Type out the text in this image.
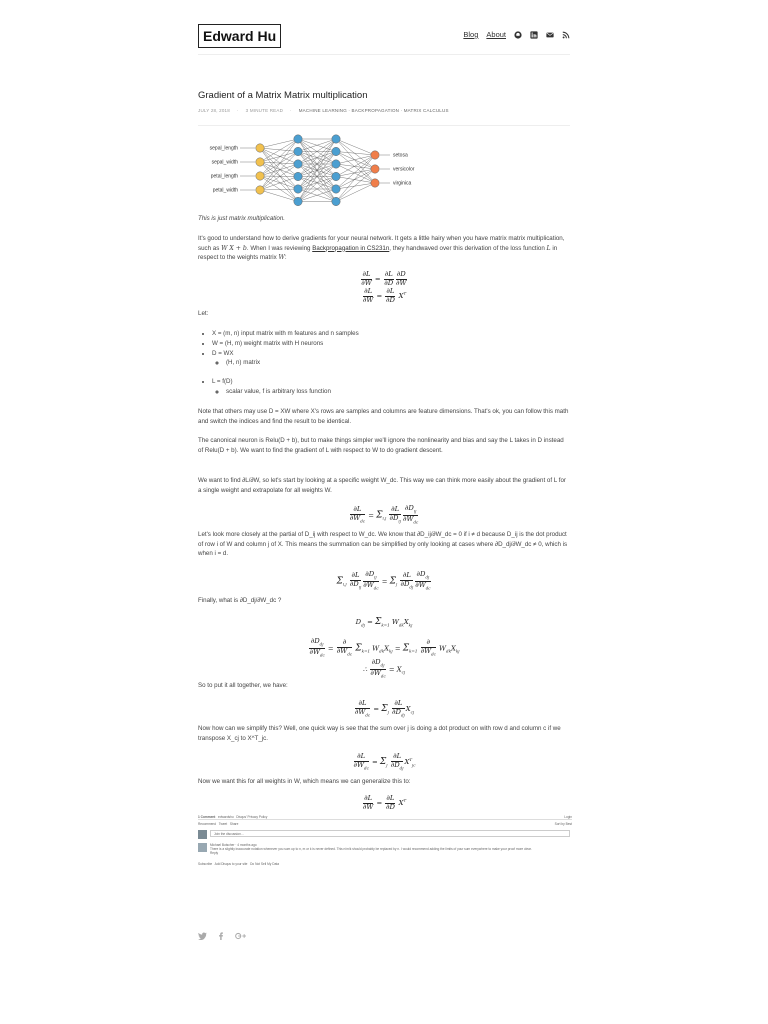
Edward Hu	Blog About
Gradient of a Matrix Matrix multiplication
JULY 28, 2018 · 3 MINUTE READ · MACHINE LEARNING · BACKPROPAGATION · MATRIX CALCULUS
sepal_length
sepal_width
petal_length
petal_width
setosa
versicolor
virginica
This is just matrix multiplication.
It's good to understand how to derive gradients for your neural network. It gets a little hairy when you have matrix matrix multiplication, such as W X + b. When I was reviewing Backpropagation in CS231n, they handwaved over this derivation of the loss function L in respect to the weights matrix W:
$\frac{\partial L}{\partial W} = \frac{\partial L}{\partial D} \frac{\partial D}{\partial W}$
$\frac{\partial L}{\partial W} = \frac{\partial L}{\partial D} X^T$
Let:
• X = (m, n) input matrix with m features and n samples
• W = (H, m) weight matrix with H neurons
• D = WX
◦ (H, n) matrix
• L = f(D)
◦ scalar value, f is arbitrary loss function
Note that others may use D = XW where X's rows are samples and columns are feature dimensions. That's ok, you can follow this math and switch the indices and find the result to be identical.
The canonical neuron is Relu(D + b), but to make things simpler we'll ignore the nonlinearity and bias and say the L takes in D instead of Relu(D + b). We want to find the gradient of L with respect to W to do gradient descent.
We want to find ∂L/∂W, so let's start by looking at a specific weight W_dc. This way we can think more easily about the gradient of L for a single weight and extrapolate for all weights W.
$\frac{\partial L}{\partial W_{dc}} = \Sigma_{i,j} \frac{\partial L}{\partial D_{ij}} \frac{\partial D_{ij}}{\partial W_{dc}}$
Let's look more closely at the partial of D_ij with respect to W_dc. We know that ∂D_ij/∂W_dc = 0 if i ≠ d because D_ij is the dot product of row i of W and column j of X. This means the summation can be simplified by only looking at cases where ∂D_dj/∂W_dc ≠ 0, which is when i = d.
$\Sigma_{i,j} \frac{\partial L}{\partial D_{ij}} \frac{\partial D_{ij}}{\partial W_{dc}} = \Sigma_j \frac{\partial L}{\partial D_{dj}} \frac{\partial D_{dj}}{\partial W_{dc}}$
Finally, what is ∂D_dj/∂W_dc ?
$D_{dj} = \Sigma_{k=1}$ $W_{dk}X_{kj}$
$\frac{\partial D_{dj}}{\partial W_{dc}} = \frac{\partial}{\partial W_{dc}} \Sigma_{k=1}$ $W_{dk}X_{kj} = \Sigma_{k=1} \frac{\partial}{\partial W_{dc}} W_{dk}X_{kj}$
∴ $\frac{\partial D_{dj}}{\partial W_{dc}} = X_{cj}$
So to put it all together, we have:
$\frac{\partial L}{\partial W_{dc}} = \Sigma_j \frac{\partial L}{\partial D_{dj}} X_{cj}$
Now how can we simplify this? Well, one quick way is see that the sum over j is doing a dot product on with row d and column c if we transpose X_cj to X^T_jc.
$\frac{\partial L}{\partial W_{dc}} = \Sigma_j \frac{\partial L}{\partial D_{dj}} X^T_{jc}$
Now we want this for all weights in W, which means we can generalize this to:
$\frac{\partial L}{\partial W} = \frac{\partial L}{\partial D} X^T$
1 Comment edwardshu Disqus' Privacy Policy	Login
Recommend Tweet Share	Sort by Best
Join the discussion...
Michael Butscher · 4 months ago
There is a slightly inaccurate notation whenever you sum up to n, m or k is never defined. This n/m/k should probably be replaced by n. I would recommend adding the limits of your sum everywhere to make your proof more clear.
Reply
Subscribe Add Disqus to your site Do Not Sell My Data
